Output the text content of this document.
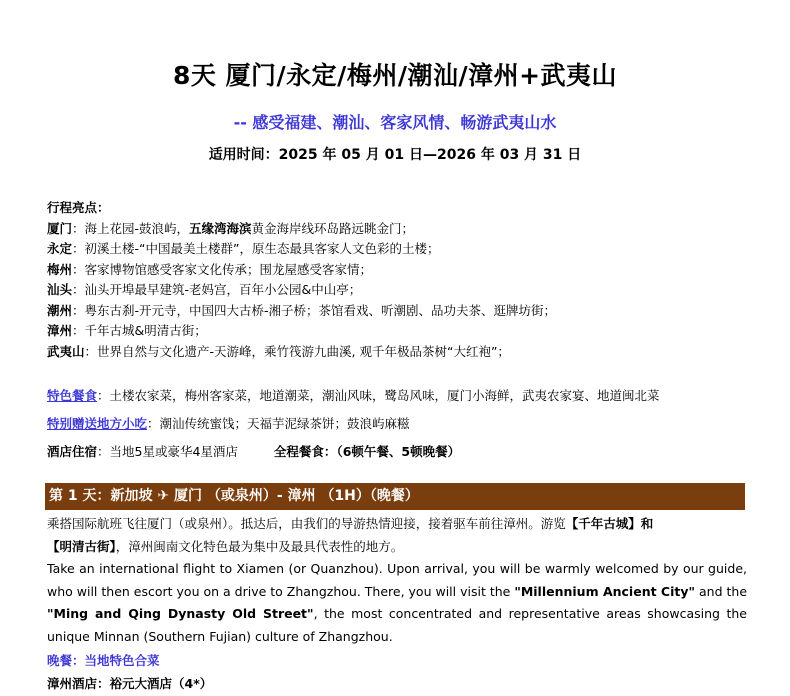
8天 厦门/永定/梅州/潮汕/漳州+武夷山
-- 感受福建、潮汕、客家风情、畅游武夷山水
适用时间：2025 年 05 月 01 日—2026 年 03 月 31 日
行程亮点：
厦门：海上花园-鼓浪屿，五缘湾海滨黄金海岸线环岛路远眺金门；
永定：初溪土楼-“中国最美土楼群”，原生态最具客家人文色彩的土楼；
梅州：客家博物馆感受客家文化传承；围龙屋感受客家情；
汕头：汕头开埠最早建筑-老妈宫，百年小公园&中山亭；
潮州：粤东古刹-开元寺，中国四大古桥-湘子桥；茶馆看戏、听潮剧、品功夫茶、逛牌坊街；
漳州：千年古城&明清古街；
武夷山：世界自然与文化遗产-天游峰，乘竹筏游九曲溪, 观千年极品茶树“大红袍”；
特色餐食：土楼农家菜，梅州客家菜，地道潮菜，潮汕风味，鹭岛风味，厦门小海鲜，武夷农家宴、地道闽北菜
特别赠送地方小吃：潮汕传统蜜饯；天福芋泥绿茶饼；鼓浪屿麻糍
酒店住宿：当地5星或豪华4星酒店	全程餐食：（6顿午餐、5顿晚餐）
第 1 天：新加坡 ✈ 厦门 （或泉州）- 漳州 （1H）（晚餐）
乘搭国际航班飞往厦门（或泉州）。抵达后，由我们的导游热情迎接，接着驱车前往漳州。游览【千年古城】和
【明清古街】，漳州闽南文化特色最为集中及最具代表性的地方。
Take an international flight to Xiamen (or Quanzhou). Upon arrival, you will be warmly welcomed by our guide, who will then escort you on a drive to Zhangzhou. There, you will visit the "Millennium Ancient City" and the "Ming and Qing Dynasty Old Street", the most concentrated and representative areas showcasing the unique Minnan (Southern Fujian) culture of Zhangzhou.
晚餐：当地特色合菜
漳州酒店：裕元大酒店（4*）
